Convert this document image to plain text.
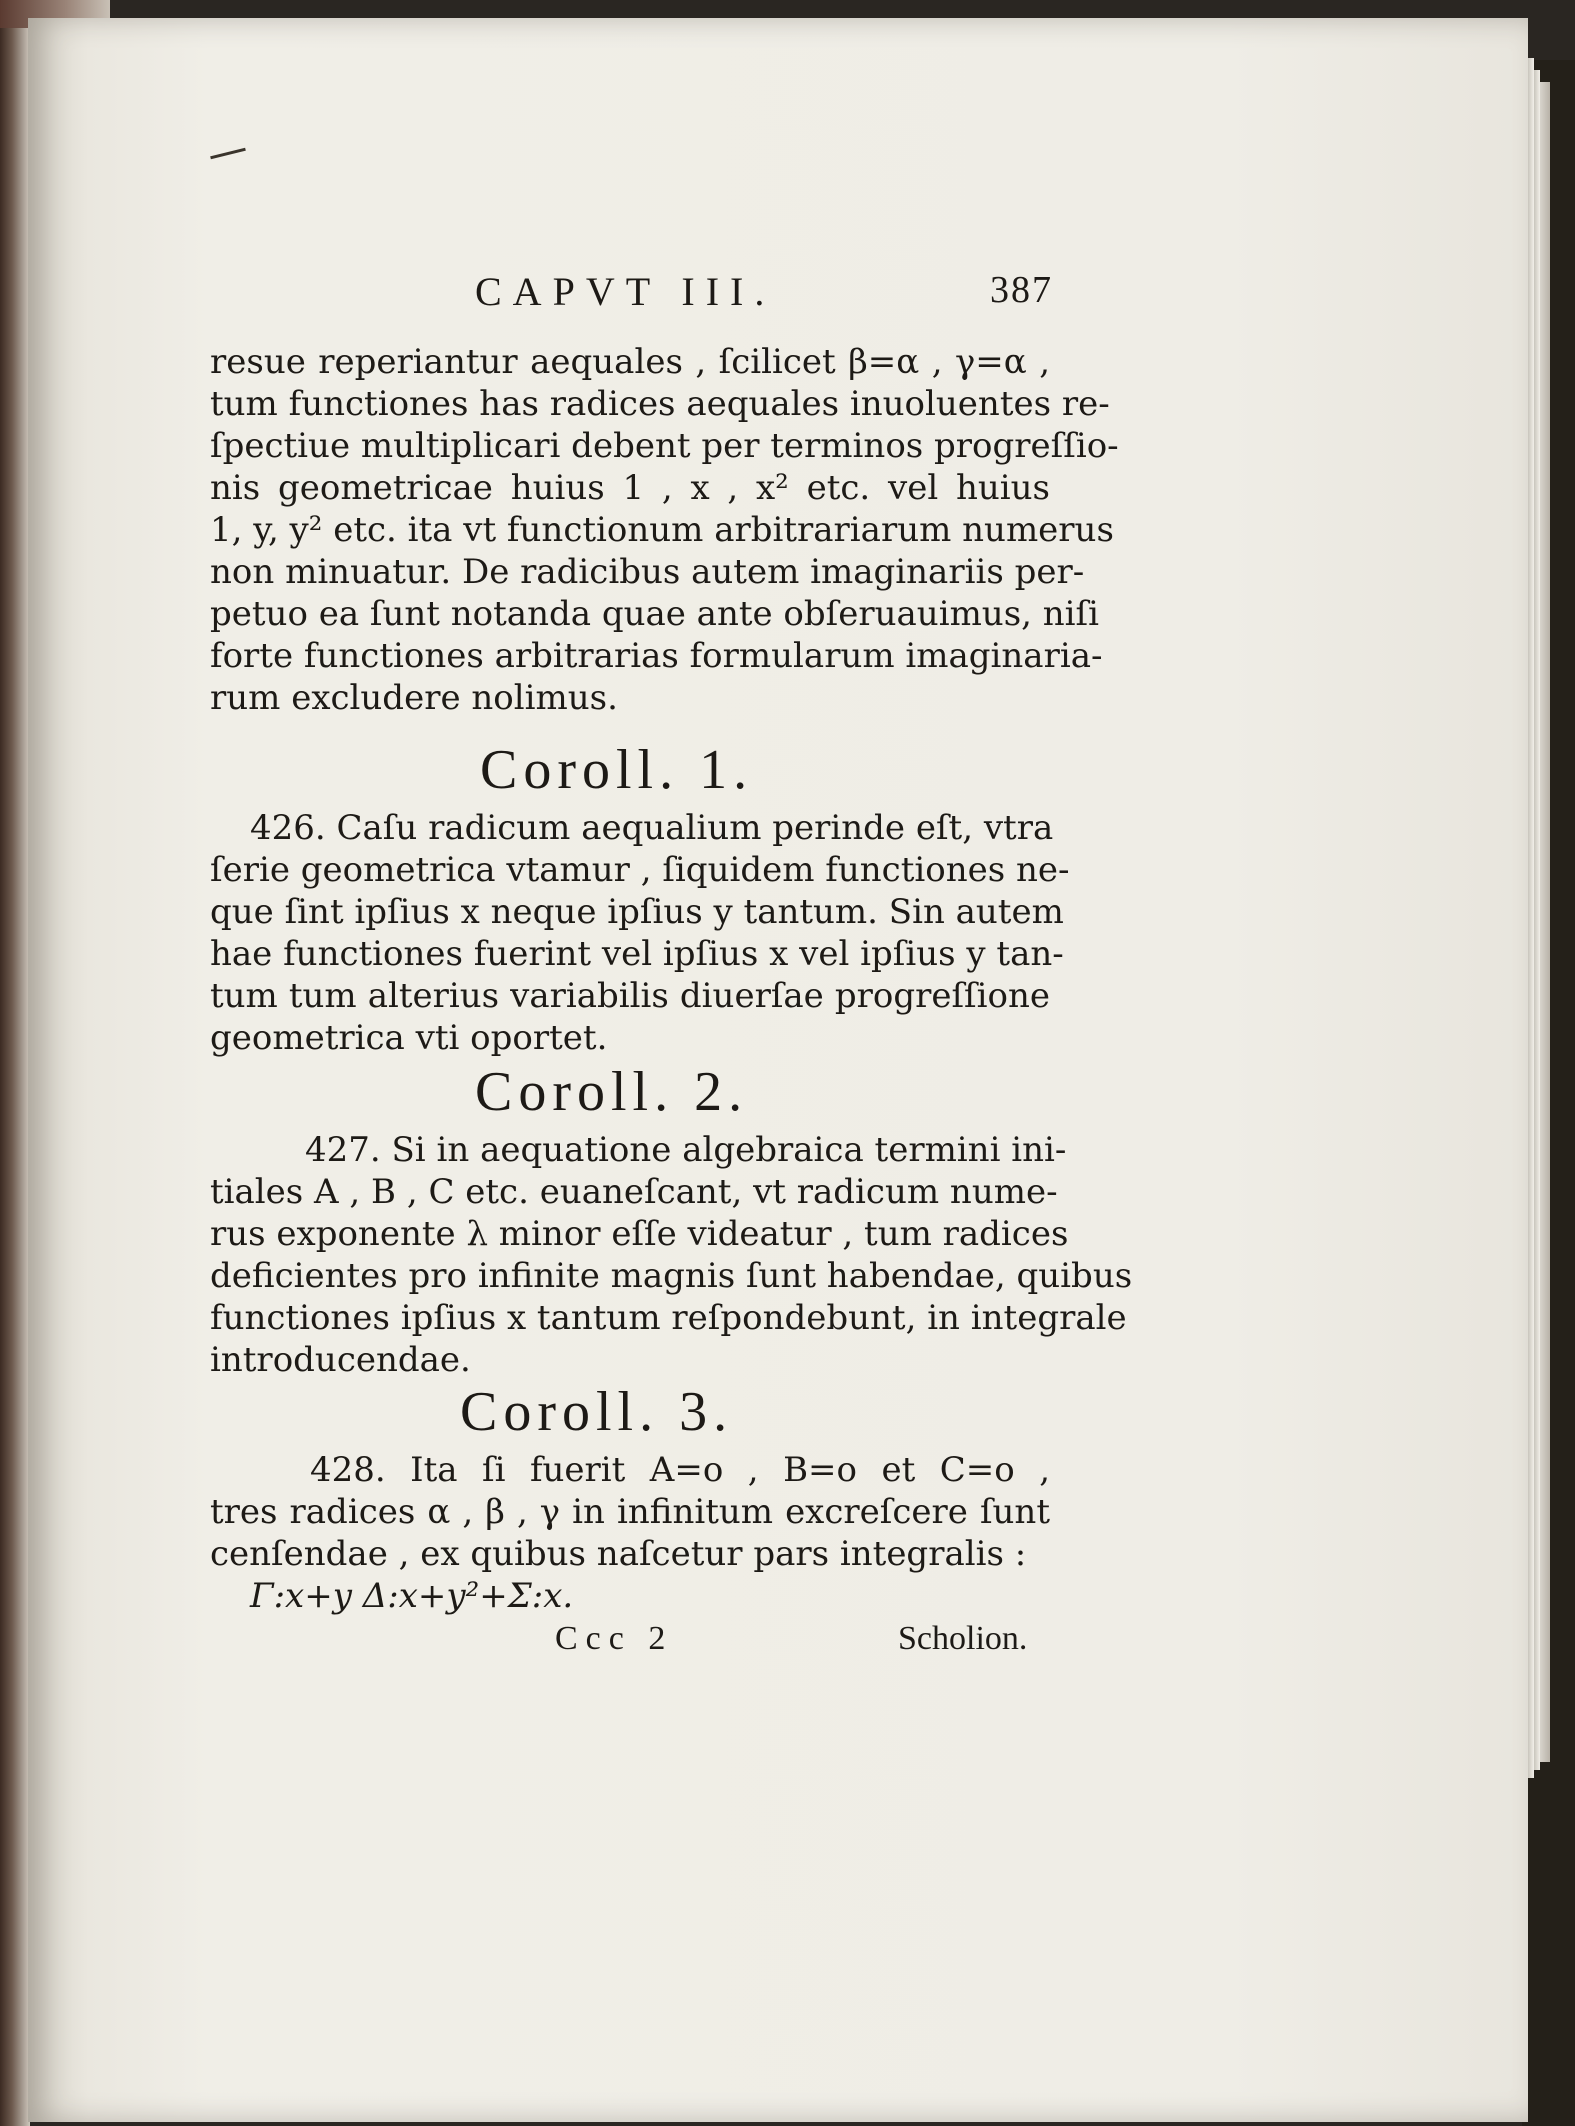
CAPVT III.	387
resue reperiantur aequales , ſcilicet β=α , γ=α ,
tum functiones has radices aequales inuoluentes re-
ſpectiue multiplicari debent per terminos progreſſio-
nis geometricae huius 1 , x , x² etc. vel huius
1, y, y² etc. ita vt functionum arbitrariarum numerus
non minuatur. De radicibus autem imaginariis per-
petuo ea ſunt notanda quae ante obſeruauimus, niſi
forte functiones arbitrarias formularum imaginaria-
rum excludere nolimus.
Coroll. 1.
426. Caſu radicum aequalium perinde eſt, vtra
ſerie geometrica vtamur , ſiquidem functiones ne-
que ſint ipſius x neque ipſius y tantum. Sin autem
hae functiones fuerint vel ipſius x vel ipſius y tan-
tum tum alterius variabilis diuerſae progreſſione
geometrica vti oportet.
Coroll. 2.
427. Si in aequatione algebraica termini ini-
tiales A , B , C etc. euaneſcant, vt radicum nume-
rus exponente λ minor eſſe videatur , tum radices
deficientes pro infinite magnis ſunt habendae, quibus
functiones ipſius x tantum reſpondebunt, in integrale
introducendae.
Coroll. 3.
428. Ita ſi fuerit A=o , B=o et C=o ,
tres radices α , β , γ in infinitum excreſcere ſunt
cenſendae , ex quibus naſcetur pars integralis :
Γ:x+y Δ:x+y²+Σ:x.
Ccc 2	Scholion.
